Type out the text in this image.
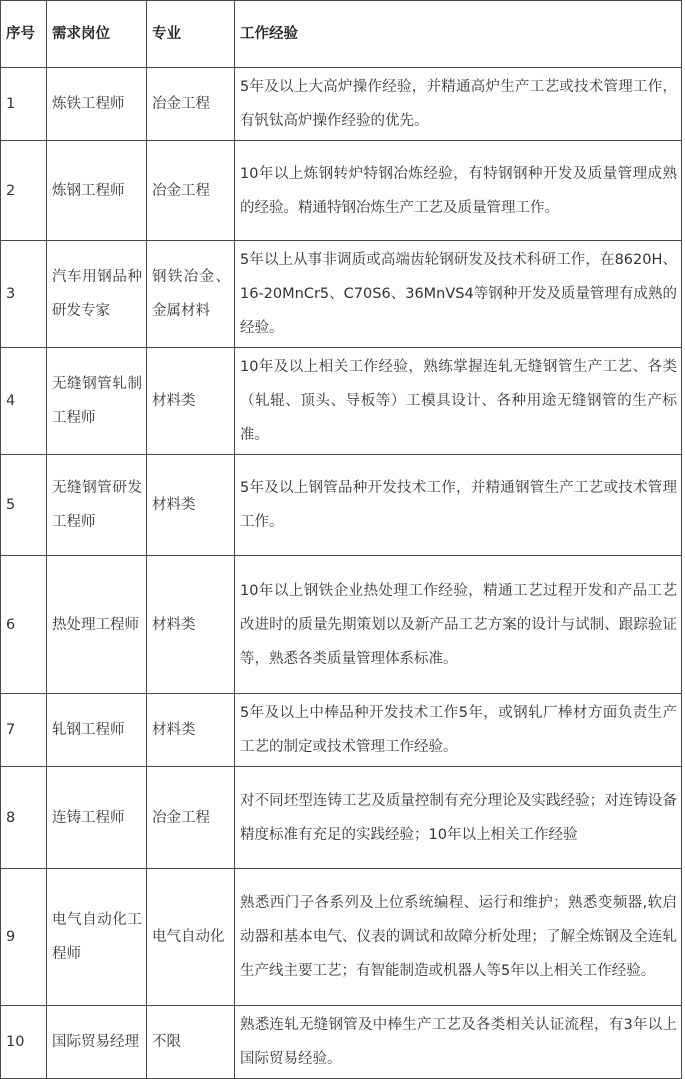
序号	需求岗位	专业	工作经验
1	炼铁工程师	冶金工程	5年及以上大高炉操作经验，并精通高炉生产工艺或技术管理工作，有钒钛高炉操作经验的优先。
2	炼钢工程师	冶金工程	10年以上炼钢转炉特钢冶炼经验，有特钢钢种开发及质量管理成熟的经验。精通特钢冶炼生产工艺及质量管理工作。
3	汽车用钢品种研发专家	钢铁冶金、金属材料	5年以上从事非调质或高端齿轮钢研发及技术科研工作，在8620H、16-20MnCr5、C70S6、36MnVS4等钢种开发及质量管理有成熟的经验。
4	无缝钢管轧制工程师	材料类	10年及以上相关工作经验，熟练掌握连轧无缝钢管生产工艺、各类（轧辊、顶头、导板等）工模具设计、各种用途无缝钢管的生产标准。
5	无缝钢管研发工程师	材料类	5年及以上钢管品种开发技术工作，并精通钢管生产工艺或技术管理工作。
6	热处理工程师	材料类	10年以上钢铁企业热处理工作经验，精通工艺过程开发和产品工艺改进时的质量先期策划以及新产品工艺方案的设计与试制、跟踪验证等，熟悉各类质量管理体系标准。
7	轧钢工程师	材料类	5年及以上中棒品种开发技术工作5年，或钢轧厂棒材方面负责生产工艺的制定或技术管理工作经验。
8	连铸工程师	冶金工程	对不同坯型连铸工艺及质量控制有充分理论及实践经验；对连铸设备精度标准有充足的实践经验；10年以上相关工作经验
9	电气自动化工程师	电气自动化	熟悉西门子各系列及上位系统编程、运行和维护；熟悉变频器,软启动器和基本电气、仪表的调试和故障分析处理；了解全炼钢及全连轧生产线主要工艺；有智能制造或机器人等5年以上相关工作经验。
10	国际贸易经理	不限	熟悉连轧无缝钢管及中棒生产工艺及各类相关认证流程，有3年以上国际贸易经验。
